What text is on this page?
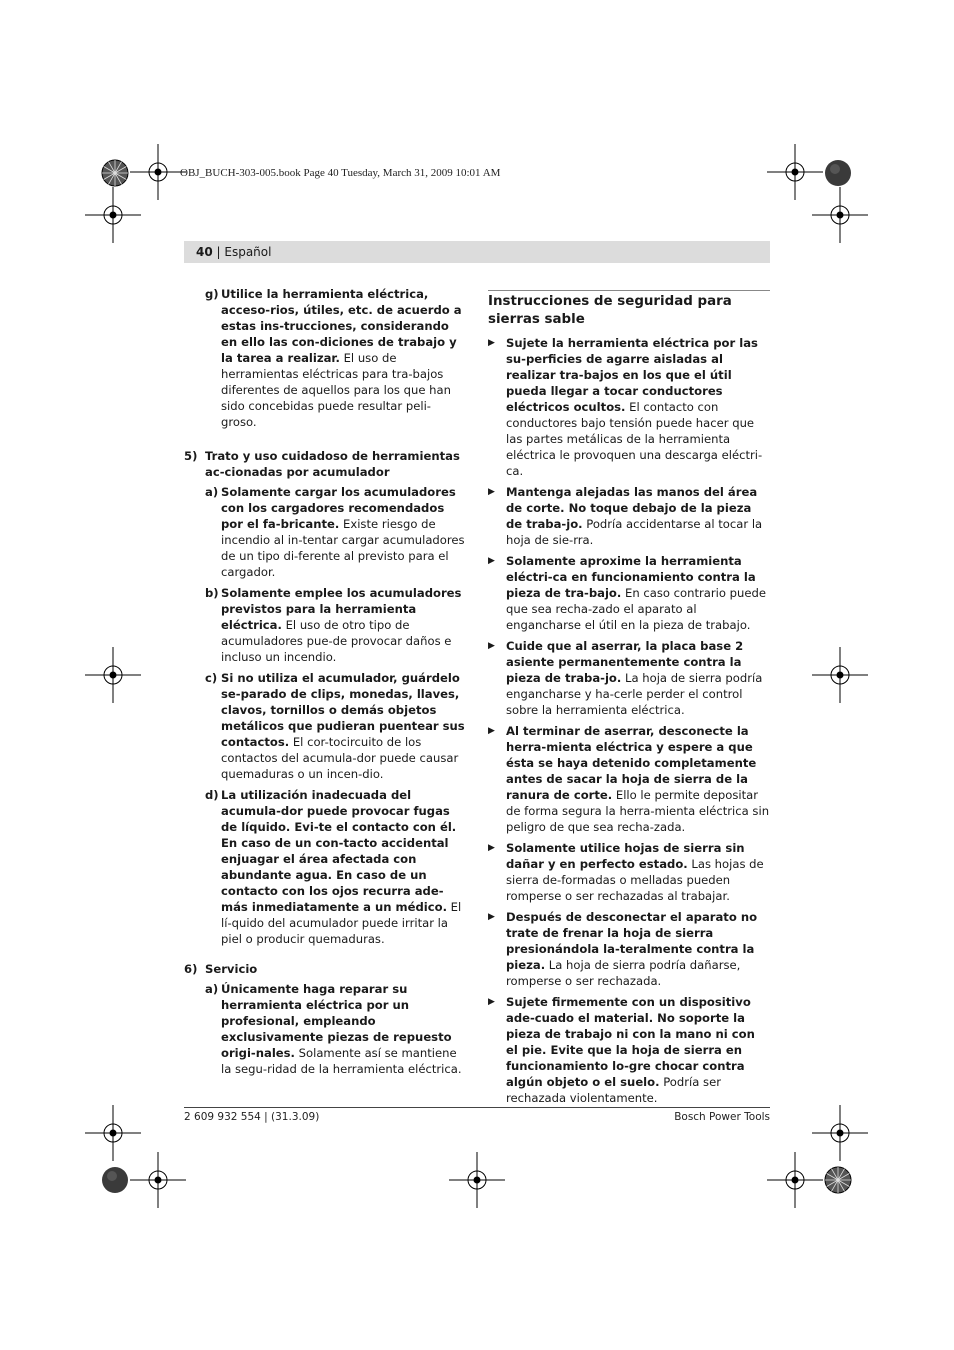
OBJ_BUCH-303-005.book Page 40 Tuesday, March 31, 2009 10:01 AM
40 | Español
g) Utilice la herramienta eléctrica, acceso-rios, útiles, etc. de acuerdo a estas ins-trucciones, considerando en ello las con-diciones de trabajo y la tarea a realizar. El uso de herramientas eléctricas para tra-bajos diferentes de aquellos para los que han sido concebidas puede resultar peli-groso.
5) Trato y uso cuidadoso de herramientas ac-cionadas por acumulador
a) Solamente cargar los acumuladores con los cargadores recomendados por el fa-bricante. Existe riesgo de incendio al in-tentar cargar acumuladores de un tipo di-ferente al previsto para el cargador.
b) Solamente emplee los acumuladores previstos para la herramienta eléctrica. El uso de otro tipo de acumuladores pue-de provocar daños e incluso un incendio.
c) Si no utiliza el acumulador, guárdelo se-parado de clips, monedas, llaves, clavos, tornillos o demás objetos metálicos que pudieran puentear sus contactos. El cor-tocircuito de los contactos del acumula-dor puede causar quemaduras o un incen-dio.
d) La utilización inadecuada del acumula-dor puede provocar fugas de líquido. Evi-te el contacto con él. En caso de un con-tacto accidental enjuagar el área afectada con abundante agua. En caso de un contacto con los ojos recurra ade-más inmediatamente a un médico. El lí-quido del acumulador puede irritar la piel o producir quemaduras.
6) Servicio
a) Únicamente haga reparar su herramienta eléctrica por un profesional, empleando exclusivamente piezas de repuesto origi-nales. Solamente así se mantiene la segu-ridad de la herramienta eléctrica.
Instrucciones de seguridad para sierras sable
▶ Sujete la herramienta eléctrica por las su-perficies de agarre aisladas al realizar tra-bajos en los que el útil pueda llegar a tocar conductores eléctricos ocultos. El contacto con conductores bajo tensión puede hacer que las partes metálicas de la herramienta eléctrica le provoquen una descarga eléctri-ca.
▶ Mantenga alejadas las manos del área de corte. No toque debajo de la pieza de traba-jo. Podría accidentarse al tocar la hoja de sie-rra.
▶ Solamente aproxime la herramienta eléctri-ca en funcionamiento contra la pieza de tra-bajo. En caso contrario puede que sea recha-zado el aparato al engancharse el útil en la pieza de trabajo.
▶ Cuide que al aserrar, la placa base 2 asiente permanentemente contra la pieza de traba-jo. La hoja de sierra podría engancharse y ha-cerle perder el control sobre la herramienta eléctrica.
▶ Al terminar de aserrar, desconecte la herra-mienta eléctrica y espere a que ésta se haya detenido completamente antes de sacar la hoja de sierra de la ranura de corte. Ello le permite depositar de forma segura la herra-mienta eléctrica sin peligro de que sea recha-zada.
▶ Solamente utilice hojas de sierra sin dañar y en perfecto estado. Las hojas de sierra de-formadas o melladas pueden romperse o ser rechazadas al trabajar.
▶ Después de desconectar el aparato no trate de frenar la hoja de sierra presionándola la-teralmente contra la pieza. La hoja de sierra podría dañarse, romperse o ser rechazada.
▶ Sujete firmemente con un dispositivo ade-cuado el material. No soporte la pieza de trabajo ni con la mano ni con el pie. Evite que la hoja de sierra en funcionamiento lo-gre chocar contra algún objeto o el suelo. Podría ser rechazada violentamente.
2 609 932 554 | (31.3.09)	Bosch Power Tools
